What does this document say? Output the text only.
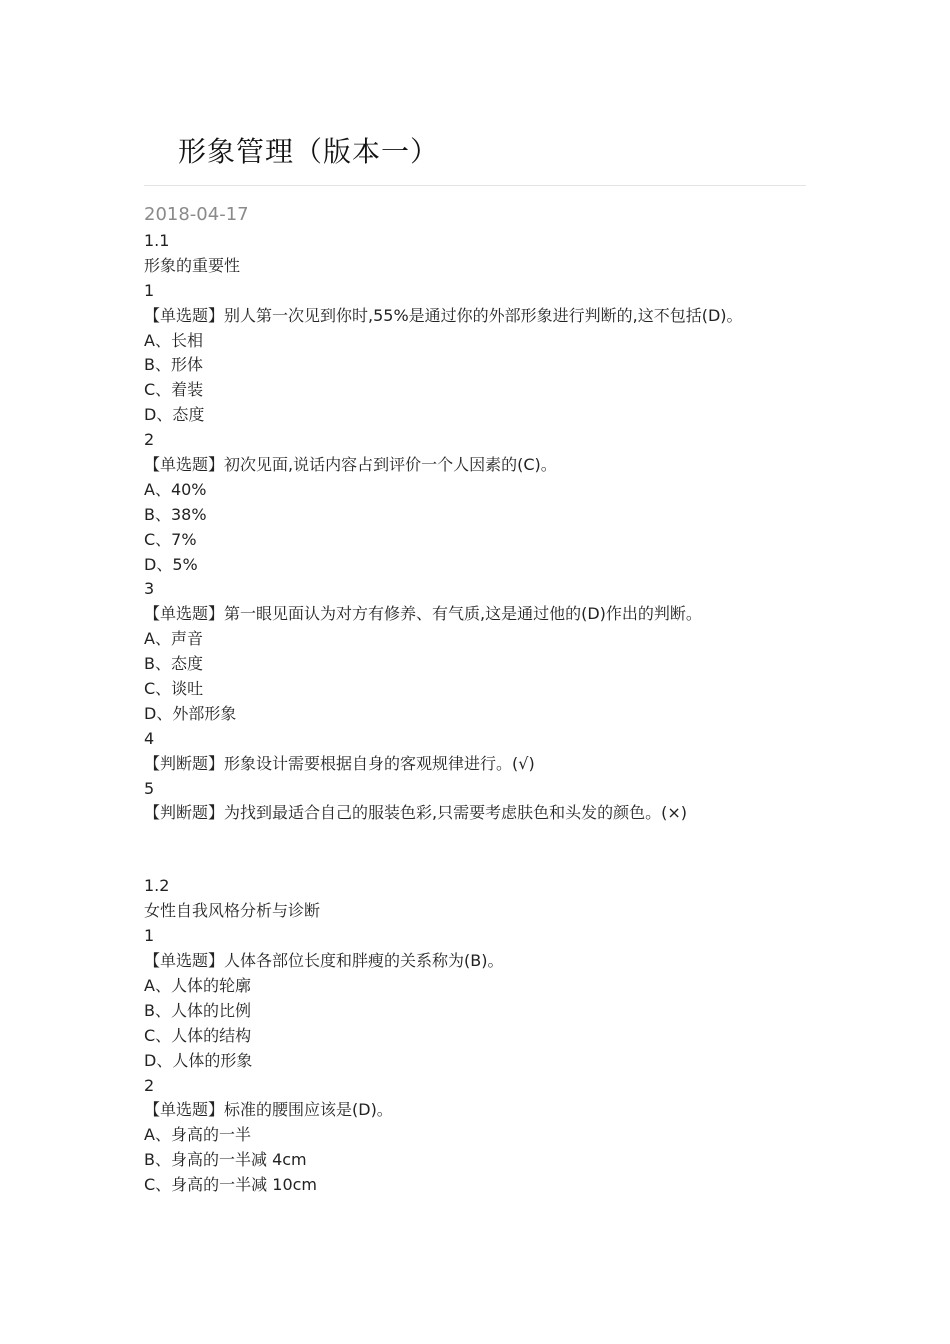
形象管理（版本一）
2018-04-17
1.1
形象的重要性
1
【单选题】别人第一次见到你时,55%是通过你的外部形象进行判断的,这不包括(D)。
A、长相
B、形体
C、着装
D、态度
2
【单选题】初次见面,说话内容占到评价一个人因素的(C)。
A、40%
B、38%
C、7%
D、5%
3
【单选题】第一眼见面认为对方有修养、有气质,这是通过他的(D)作出的判断。
A、声音
B、态度
C、谈吐
D、外部形象
4
【判断题】形象设计需要根据自身的客观规律进行。(√)
5
【判断题】为找到最适合自己的服装色彩,只需要考虑肤色和头发的颜色。(×)
1.2
女性自我风格分析与诊断
1
【单选题】人体各部位长度和胖瘦的关系称为(B)。
A、人体的轮廓
B、人体的比例
C、人体的结构
D、人体的形象
2
【单选题】标准的腰围应该是(D)。
A、身高的一半
B、身高的一半减 4cm
C、身高的一半减 10cm
